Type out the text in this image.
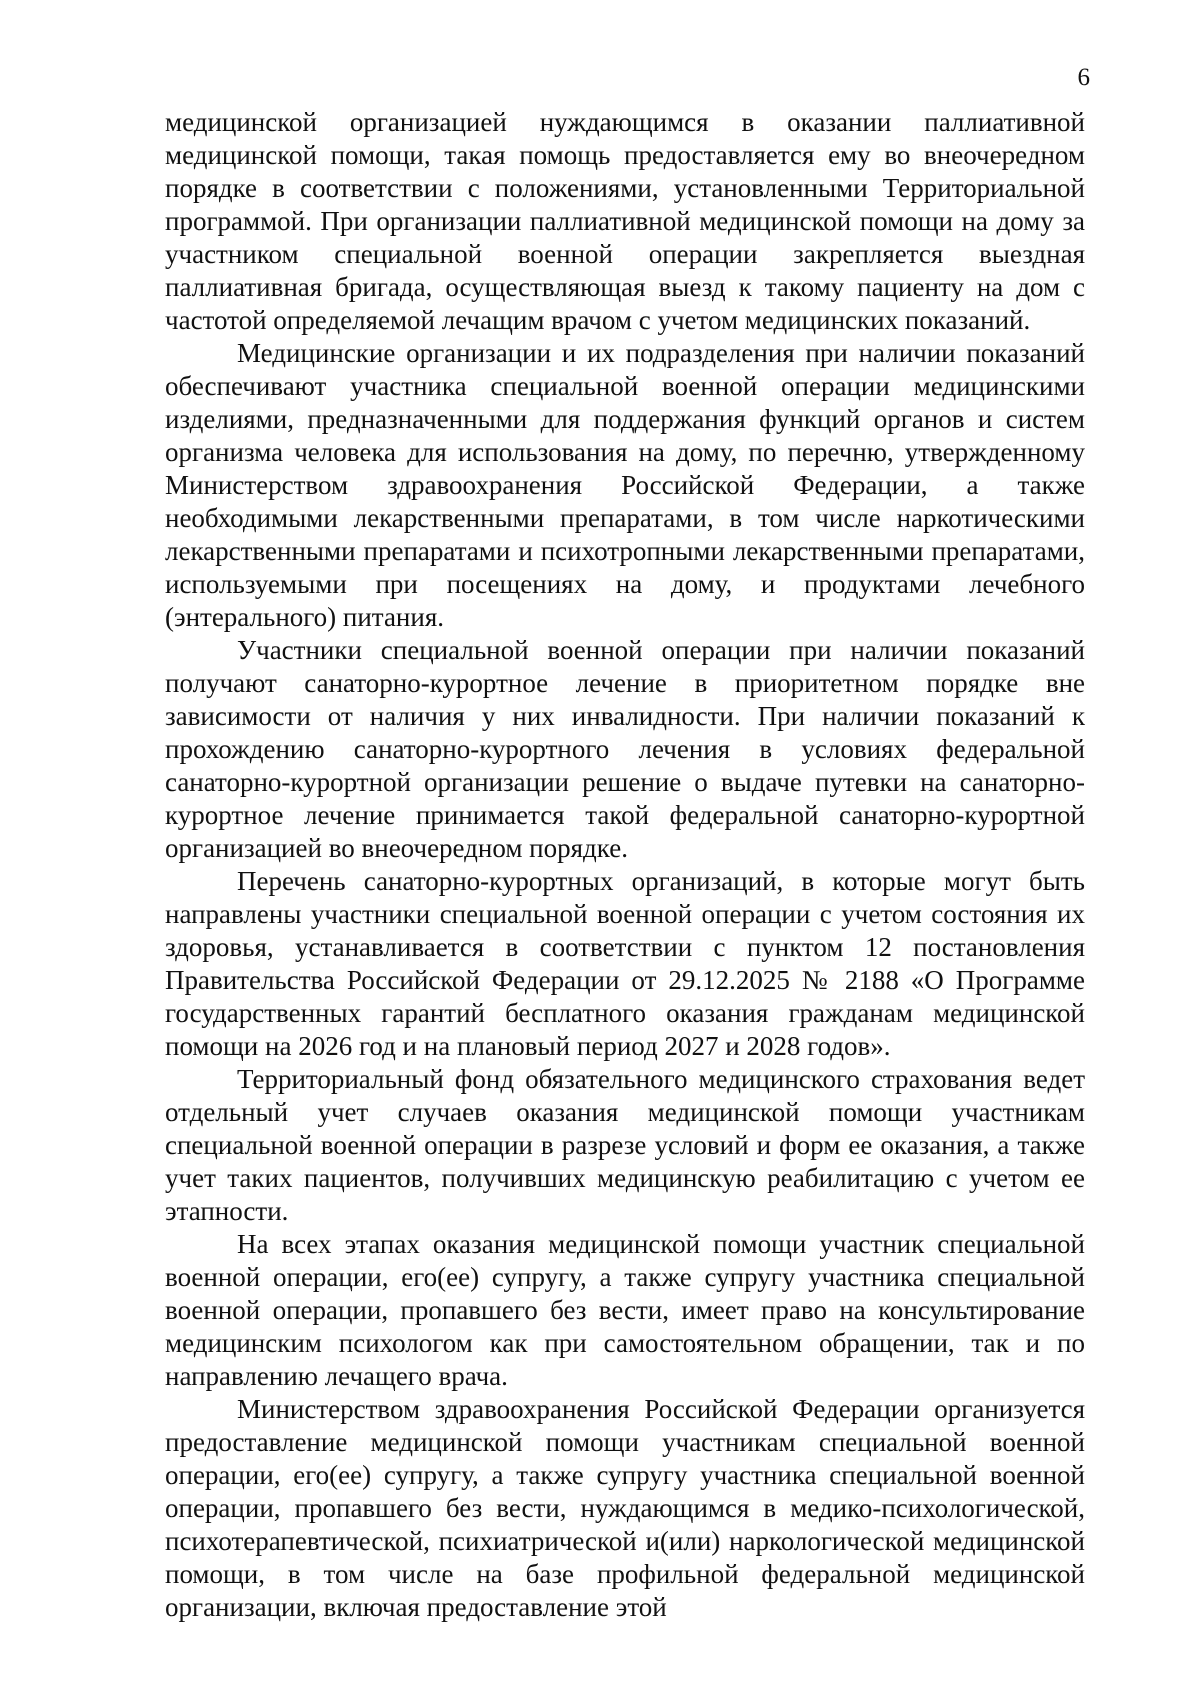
6

медицинской организацией нуждающимся в оказании паллиативной медицинской помощи, такая помощь предоставляется ему во внеочередном порядке в соответствии с положениями, установленными Территориальной программой. При организации паллиативной медицинской помощи на дому за участником специальной военной операции закрепляется выездная паллиативная бригада, осуществляющая выезд к такому пациенту на дом с частотой определяемой лечащим врачом с учетом медицинских показаний.

Медицинские организации и их подразделения при наличии показаний обеспечивают участника специальной военной операции медицинскими изделиями, предназначенными для поддержания функций органов и систем организма человека для использования на дому, по перечню, утвержденному Министерством здравоохранения Российской Федерации, а также необходимыми лекарственными препаратами, в том числе наркотическими лекарственными препаратами и психотропными лекарственными препаратами, используемыми при посещениях на дому, и продуктами лечебного (энтерального) питания.

Участники специальной военной операции при наличии показаний получают санаторно-курортное лечение в приоритетном порядке вне зависимости от наличия у них инвалидности. При наличии показаний к прохождению санаторно-курортного лечения в условиях федеральной санаторно-курортной организации решение о выдаче путевки на санаторно-курортное лечение принимается такой федеральной санаторно-курортной организацией во внеочередном порядке.

Перечень санаторно-курортных организаций, в которые могут быть направлены участники специальной военной операции с учетом состояния их здоровья, устанавливается в соответствии с пунктом 12 постановления Правительства Российской Федерации от 29.12.2025 № 2188 «О Программе государственных гарантий бесплатного оказания гражданам медицинской помощи на 2026 год и на плановый период 2027 и 2028 годов».

Территориальный фонд обязательного медицинского страхования ведет отдельный учет случаев оказания медицинской помощи участникам специальной военной операции в разрезе условий и форм ее оказания, а также учет таких пациентов, получивших медицинскую реабилитацию с учетом ее этапности.

На всех этапах оказания медицинской помощи участник специальной военной операции, его(ее) супругу, а также супругу участника специальной военной операции, пропавшего без вести, имеет право на консультирование медицинским психологом как при самостоятельном обращении, так и по направлению лечащего врача.

Министерством здравоохранения Российской Федерации организуется предоставление медицинской помощи участникам специальной военной операции, его(ее) супругу, а также супругу участника специальной военной операции, пропавшего без вести, нуждающимся в медико-психологической, психотерапевтической, психиатрической и(или) наркологической медицинской помощи, в том числе на базе профильной федеральной медицинской организации, включая предоставление этой
